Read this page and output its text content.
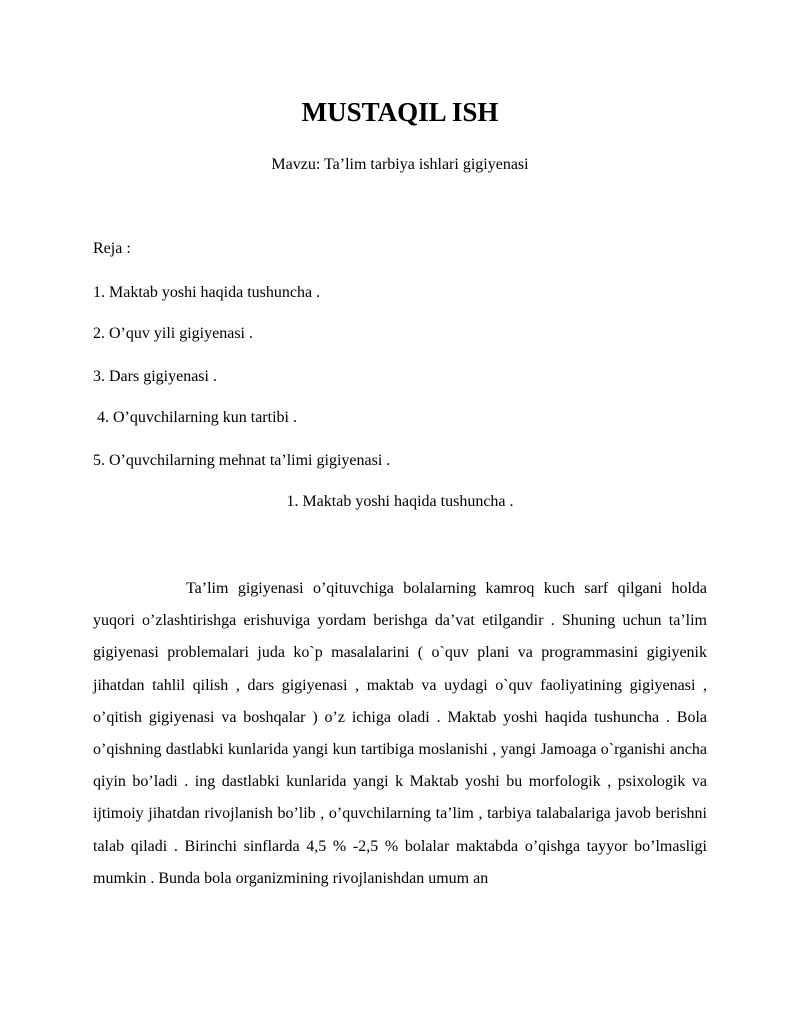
MUSTAQIL ISH

Mavzu: Ta’lim tarbiya ishlari gigiyenasi

Reja :

1. Maktab yoshi haqida tushuncha .

2. O’quv yili gigiyenasi .

3. Dars gigiyenasi .

4. O’quvchilarning kun tartibi .

5. O’quvchilarning mehnat ta’limi gigiyenasi .

1. Maktab yoshi haqida tushuncha .

Ta’lim gigiyenasi o’qituvchiga bolalarning kamroq kuch sarf qilgani holda yuqori o’zlashtirishga erishuviga yordam berishga da’vat etilgandir . Shuning uchun ta’lim gigiyenasi problemalari juda ko`p masalalarini ( o`quv plani va programmasini gigiyenik jihatdan tahlil qilish , dars gigiyenasi , maktab va uydagi o`quv faoliyatining gigiyenasi , o’qitish gigiyenasi va boshqalar ) o’z ichiga oladi . Maktab yoshi haqida tushuncha . Bola o’qishning dastlabki kunlarida yangi kun tartibiga moslanishi , yangi Jamoaga o`rganishi ancha qiyin bo’ladi . ing dastlabki kunlarida yangi k Maktab yoshi bu morfologik , psixologik va ijtimoiy jihatdan rivojlanish bo’lib , o’quvchilarning ta’lim , tarbiya talabalariga javob berishni talab qiladi . Birinchi sinflarda 4,5 % -2,5 % bolalar maktabda o’qishga tayyor bo’lmasligi mumkin . Bunda bola organizmining rivojlanishdan umum an
